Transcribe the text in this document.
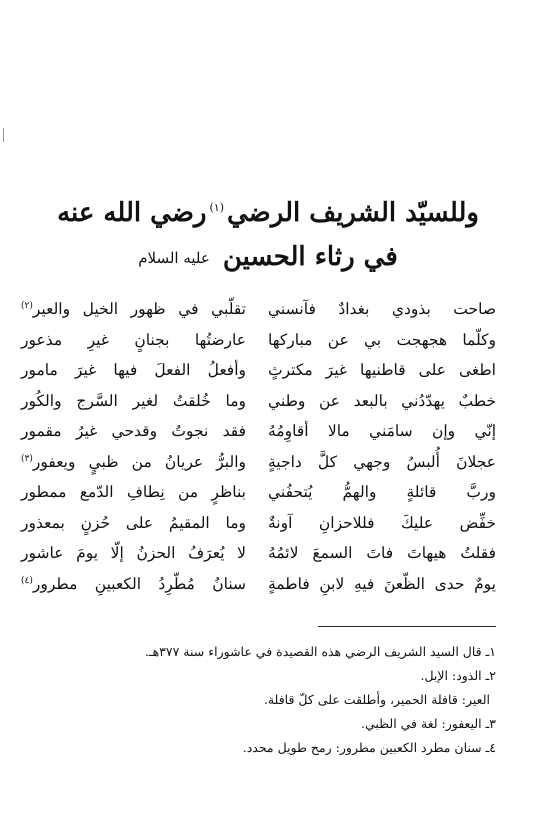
وللسيّد الشريف الرضي$^{(١)}$رضي الله عنه
في رثاء الحسين عليه السلام
صاحت بذودي بغدادٌ فآنسني
تقلّبي في ظهور الخيل والعير$^{(٢)}$
وكلّما هجهجت بي عن مباركها
عارضتُها بجنانٍ غيرِ مذعور
اطغى على قاطنيها غيرَ مكترثٍ
وأفعلُ الفعلَ فيها غيرَ مامور
خطبٌ يهدّدُني بالبعد عن وطني
وما خُلقتُ لغير السَّرج والكُور
إنّي وإن سامَني مالا أقاوِمُهُ
فقد نجوتُ وقدحي غيرُ مقمور
عجلانَ أُلبسُ وجهي كلَّ داجيةٍ
والبرُّ عريانُ من ظبيٍ ويعفور$^{(٣)}$
وربَّ قائلةٍ والهمُّ يُتحفُني
بناظرٍ من نِطافِ الدّمع ممطور
خفِّض عليكَ فللاحزانِ آونةٌ
وما المقيمُ على حُزنٍ بمعذور
فقلتُ هيهاتَ فاتَ السمعَ لائمُهُ
لا يُعرَفُ الحزنُ إلّا يومَ عاشور
يومٌ حدى الظّعنَ فيهِ لابنِ فاطمةٍ
سنانُ مُطّرِدُ الكعبينِ مطرور$^{(٤)}$
١ـ قال السيد الشريف الرضي هذه القصيدة في عاشوراء سنة ٣٧٧هـ.
٢ـ الذود: الإبل.
العير: قافلة الحمير، وأطلقت على كلّ قافلة.
٣ـ اليعفور: لغة في الظبي.
٤ـ سنان مطرد الكعبين مطرور: رمح طويل محدد.
